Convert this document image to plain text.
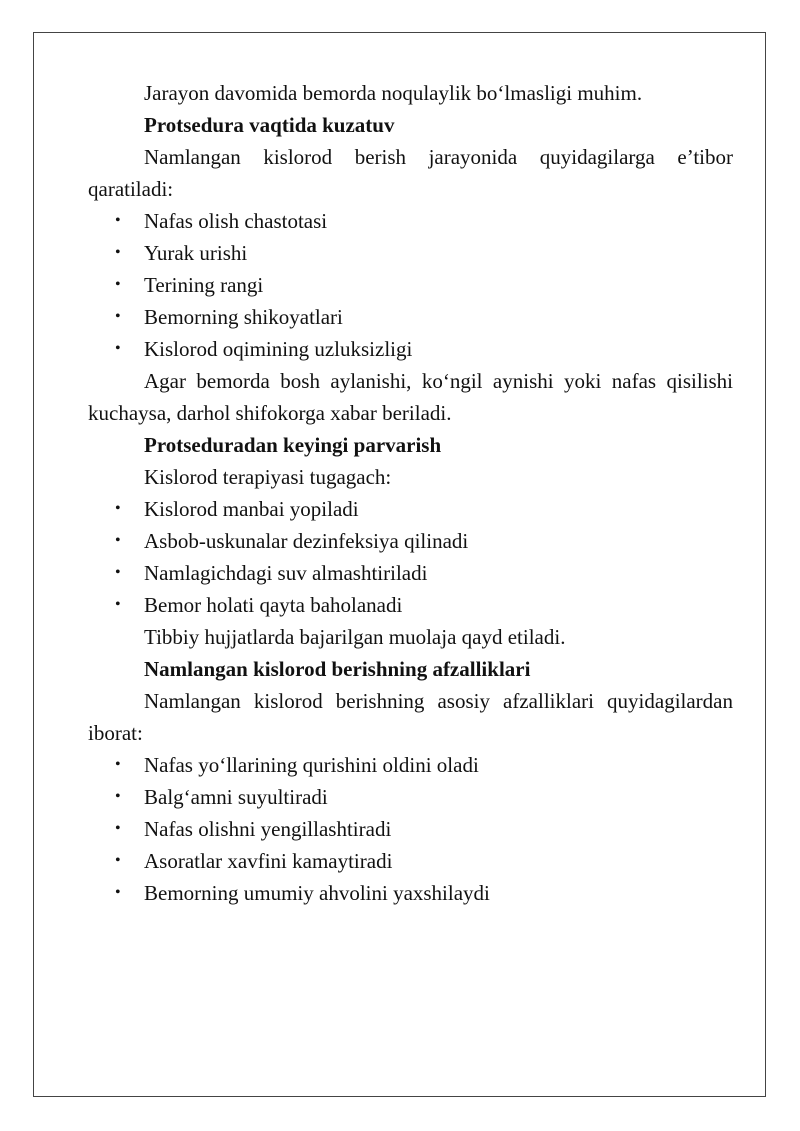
Jarayon davomida bemorda noqulaylik bo‘lmasligi muhim.

Protsedura vaqtida kuzatuv

Namlangan kislorod berish jarayonida quyidagilarga e’tibor qaratiladi:

• Nafas olish chastotasi
• Yurak urishi
• Terining rangi
• Bemorning shikoyatlari
• Kislorod oqimining uzluksizligi

Agar bemorda bosh aylanishi, ko‘ngil aynishi yoki nafas qisilishi kuchaysa, darhol shifokorga xabar beriladi.

Protseduradan keyingi parvarish

Kislorod terapiyasi tugagach:

• Kislorod manbai yopiladi
• Asbob-uskunalar dezinfeksiya qilinadi
• Namlagichdagi suv almashtiriladi
• Bemor holati qayta baholanadi

Tibbiy hujjatlarda bajarilgan muolaja qayd etiladi.

Namlangan kislorod berishning afzalliklari

Namlangan kislorod berishning asosiy afzalliklari quyidagilardan iborat:

• Nafas yo‘llarining qurishini oldini oladi
• Balg‘amni suyultiradi
• Nafas olishni yengillashtiradi
• Asoratlar xavfini kamaytiradi
• Bemorning umumiy ahvolini yaxshilaydi
